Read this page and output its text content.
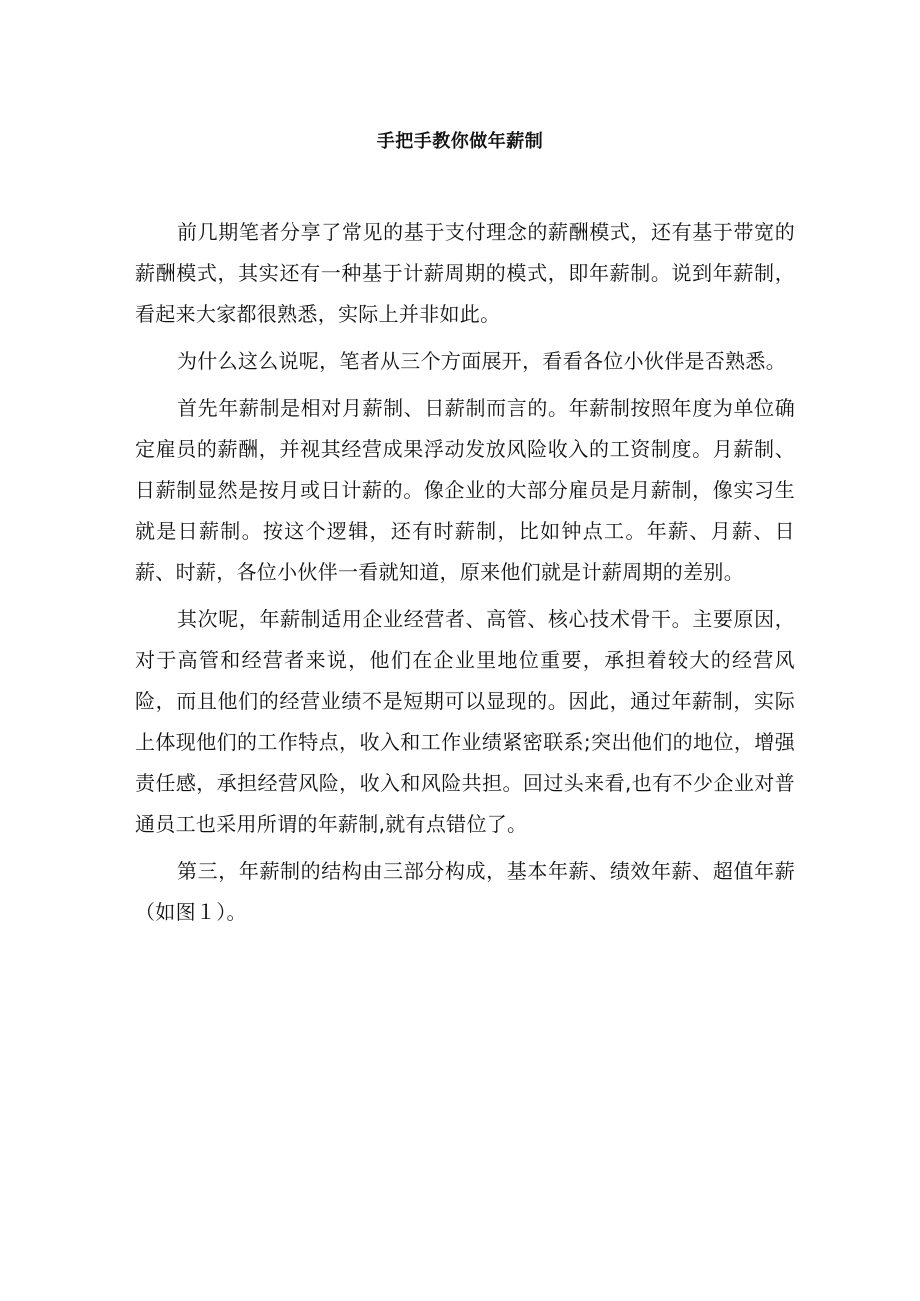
手把手教你做年薪制

前几期笔者分享了常见的基于支付理念的薪酬模式，还有基于带宽的薪酬模式，其实还有一种基于计薪周期的模式，即年薪制。说到年薪制，看起来大家都很熟悉，实际上并非如此。

为什么这么说呢，笔者从三个方面展开，看看各位小伙伴是否熟悉。

首先年薪制是相对月薪制、日薪制而言的。年薪制按照年度为单位确定雇员的薪酬，并视其经营成果浮动发放风险收入的工资制度。月薪制、日薪制显然是按月或日计薪的。像企业的大部分雇员是月薪制，像实习生就是日薪制。按这个逻辑，还有时薪制，比如钟点工。年薪、月薪、日薪、时薪，各位小伙伴一看就知道，原来他们就是计薪周期的差别。

其次呢，年薪制适用企业经营者、高管、核心技术骨干。主要原因，对于高管和经营者来说，他们在企业里地位重要，承担着较大的经营风险，而且他们的经营业绩不是短期可以显现的。因此，通过年薪制，实际上体现他们的工作特点，收入和工作业绩紧密联系;突出他们的地位，增强责任感，承担经营风险，收入和风险共担。回过头来看,也有不少企业对普通员工也采用所谓的年薪制,就有点错位了。

第三，年薪制的结构由三部分构成，基本年薪、绩效年薪、超值年薪（如图１）。
